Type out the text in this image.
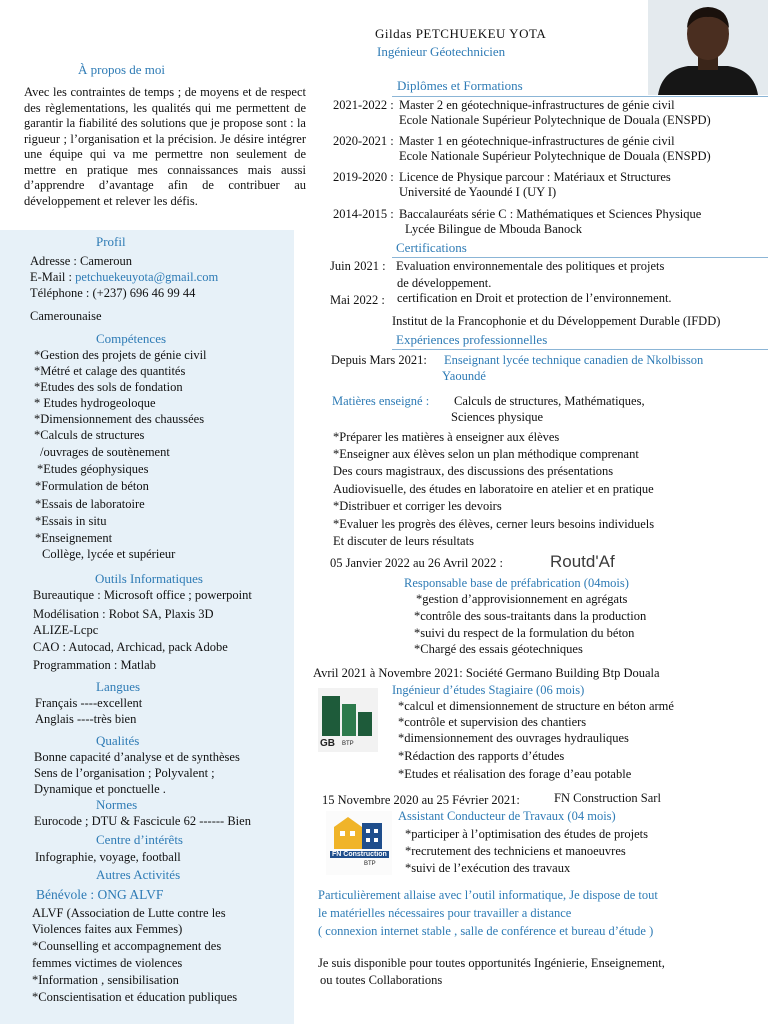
Gildas PETCHUEKEU YOTA
Ingénieur Géotechnicien
À propos de moi
Avec les contraintes de temps ; de moyens et de respect des règlementations, les qualités qui me permettent de garantir la fiabilité des solutions que je propose sont : la rigueur ; l’organisation et la précision. Je désire intégrer une équipe qui va me permettre non seulement de mettre en pratique mes connaissances mais aussi d’apprendre d’avantage afin de contribuer au développement et relever les défis.
Profil
Adresse : Cameroun
E-Mail : petchuekeuyota@gmail.com
Téléphone : (+237) 696 46 99 44
Camerounaise
Compétences
*Gestion des projets de génie civil
*Métré et calage des quantités
*Etudes des sols de fondation
* Etudes hydrogeoloque
*Dimensionnement des chaussées
*Calculs de structures
/ouvrages de soutènement
*Etudes géophysiques
*Formulation de béton
*Essais de laboratoire
*Essais in situ
*Enseignement
Collège, lycée et supérieur
Outils Informatiques
Bureautique : Microsoft office ; powerpoint
Modélisation : Robot SA, Plaxis 3D
ALIZE-Lcpc
CAO : Autocad, Archicad, pack Adobe
Programmation : Matlab
Langues
Français ----excellent
Anglais ----très bien
Qualités
Bonne capacité d’analyse et de synthèses
Sens de l’organisation ; Polyvalent ;
Dynamique et ponctuelle .
Normes
Eurocode ; DTU & Fascicule 62 ------ Bien
Centre d’intérêts
Infographie, voyage, football
Autres Activités
Bénévole : ONG ALVF
ALVF (Association de Lutte contre les
Violences faites aux Femmes)
*Counselling et accompagnement des
femmes victimes de violences
*Information , sensibilisation
*Conscientisation et éducation publiques
Diplômes et Formations
2021-2022 : Master 2 en géotechnique-infrastructures de génie civil
Ecole Nationale Supérieur Polytechnique de Douala (ENSPD)
2020-2021 : Master 1 en géotechnique-infrastructures de génie civil
Ecole Nationale Supérieur Polytechnique de Douala (ENSPD)
2019-2020 : Licence de Physique parcour : Matériaux et Structures
Université de Yaoundé I (UY I)
2014-2015 : Baccalauréats série C : Mathématiques et Sciences Physique
Lycée Bilingue de Mbouda Banock
Certifications
Juin 2021 : Evaluation environnementale des politiques et projets
de développement.
Mai 2022 : certification en Droit et protection de l’environnement.
Institut de la Francophonie et du Développement Durable (IFDD)
Expériences professionnelles
Depuis Mars 2021: Enseignant lycée technique canadien de Nkolbisson
Yaoundé
Matières enseigné : Calculs de structures, Mathématiques,
Sciences physique
*Préparer les matières à enseigner aux élèves
*Enseigner aux élèves selon un plan méthodique comprenant
Des cours magistraux, des discussions des présentations
Audiovisuelle, des études en laboratoire en atelier et en pratique
*Distribuer et corriger les devoirs
*Evaluer les progrès des élèves, cerner leurs besoins individuels
Et discuter de leurs résultats
05 Janvier 2022 au 26 Avril 2022 :	Routd'Af
Responsable base de préfabrication (04mois)
*gestion d’approvisionnement en agrégats
*contrôle des sous-traitants dans la production
*suivi du respect de la formulation du béton
*Chargé des essais géotechniques
Avril 2021 à Novembre 2021: Société Germano Building Btp Douala
Ingénieur d’études Stagiaire (06 mois)
GB BTP
*calcul et dimensionnement de structure en béton armé
*contrôle et supervision des chantiers
*dimensionnement des ouvrages hydrauliques
*Rédaction des rapports d’études
*Etudes et réalisation des forage d’eau potable
15 Novembre 2020 au 25 Février 2021:	FN Construction Sarl
Assistant Conducteur de Travaux (04 mois)
FN Construction
BTP
*participer à l’optimisation des études de projets
*recrutement des techniciens et manoeuvres
*suivi de l’exécution des travaux
Particulièrement allaise avec l’outil informatique, Je dispose de tout
le matérielles nécessaires pour travailler a distance
( connexion internet stable , salle de conférence et bureau d’étude )
Je suis disponible pour toutes opportunités Ingénierie, Enseignement,
ou toutes Collaborations
